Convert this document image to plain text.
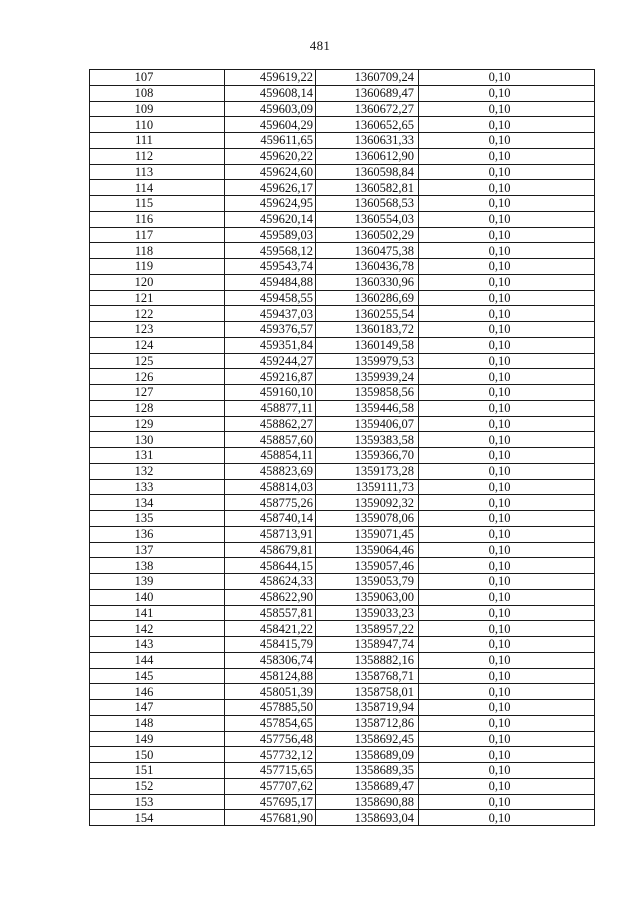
481
107	459619,22	1360709,24	0,10
108	459608,14	1360689,47	0,10
109	459603,09	1360672,27	0,10
110	459604,29	1360652,65	0,10
111	459611,65	1360631,33	0,10
112	459620,22	1360612,90	0,10
113	459624,60	1360598,84	0,10
114	459626,17	1360582,81	0,10
115	459624,95	1360568,53	0,10
116	459620,14	1360554,03	0,10
117	459589,03	1360502,29	0,10
118	459568,12	1360475,38	0,10
119	459543,74	1360436,78	0,10
120	459484,88	1360330,96	0,10
121	459458,55	1360286,69	0,10
122	459437,03	1360255,54	0,10
123	459376,57	1360183,72	0,10
124	459351,84	1360149,58	0,10
125	459244,27	1359979,53	0,10
126	459216,87	1359939,24	0,10
127	459160,10	1359858,56	0,10
128	458877,11	1359446,58	0,10
129	458862,27	1359406,07	0,10
130	458857,60	1359383,58	0,10
131	458854,11	1359366,70	0,10
132	458823,69	1359173,28	0,10
133	458814,03	1359111,73	0,10
134	458775,26	1359092,32	0,10
135	458740,14	1359078,06	0,10
136	458713,91	1359071,45	0,10
137	458679,81	1359064,46	0,10
138	458644,15	1359057,46	0,10
139	458624,33	1359053,79	0,10
140	458622,90	1359063,00	0,10
141	458557,81	1359033,23	0,10
142	458421,22	1358957,22	0,10
143	458415,79	1358947,74	0,10
144	458306,74	1358882,16	0,10
145	458124,88	1358768,71	0,10
146	458051,39	1358758,01	0,10
147	457885,50	1358719,94	0,10
148	457854,65	1358712,86	0,10
149	457756,48	1358692,45	0,10
150	457732,12	1358689,09	0,10
151	457715,65	1358689,35	0,10
152	457707,62	1358689,47	0,10
153	457695,17	1358690,88	0,10
154	457681,90	1358693,04	0,10
